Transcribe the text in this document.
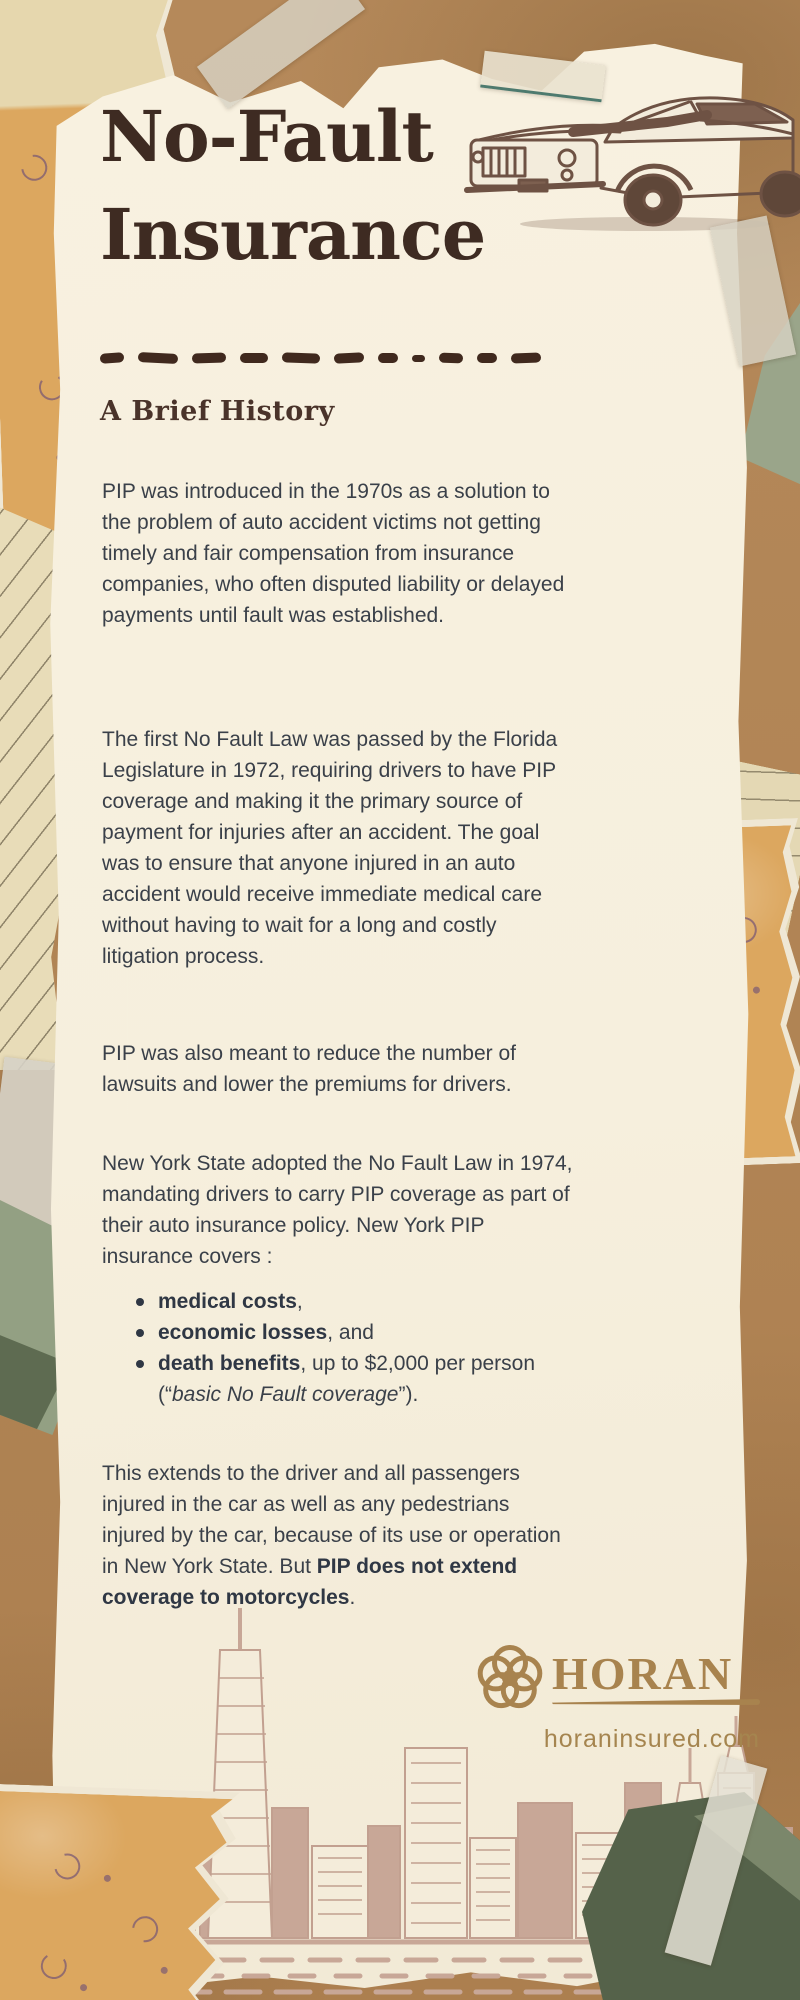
No-Fault
Insurance
A Brief History

PIP was introduced in the 1970s as a solution to the problem of auto accident victims not getting timely and fair compensation from insurance companies, who often disputed liability or delayed payments until fault was established.

The first No Fault Law was passed by the Florida Legislature in 1972, requiring drivers to have PIP coverage and making it the primary source of payment for injuries after an accident. The goal was to ensure that anyone injured in an auto accident would receive immediate medical care without having to wait for a long and costly litigation process.

PIP was also meant to reduce the number of lawsuits and lower the premiums for drivers.

New York State adopted the No Fault Law in 1974, mandating drivers to carry PIP coverage as part of their auto insurance policy. New York PIP insurance covers :

medical costs,
economic losses, and
death benefits, up to $2,000 per person (“basic No Fault coverage”).

This extends to the driver and all passengers injured in the car as well as any pedestrians injured by the car, because of its use or operation in New York State. But PIP does not extend coverage to motorcycles.

HORAN
horaninsured.com
